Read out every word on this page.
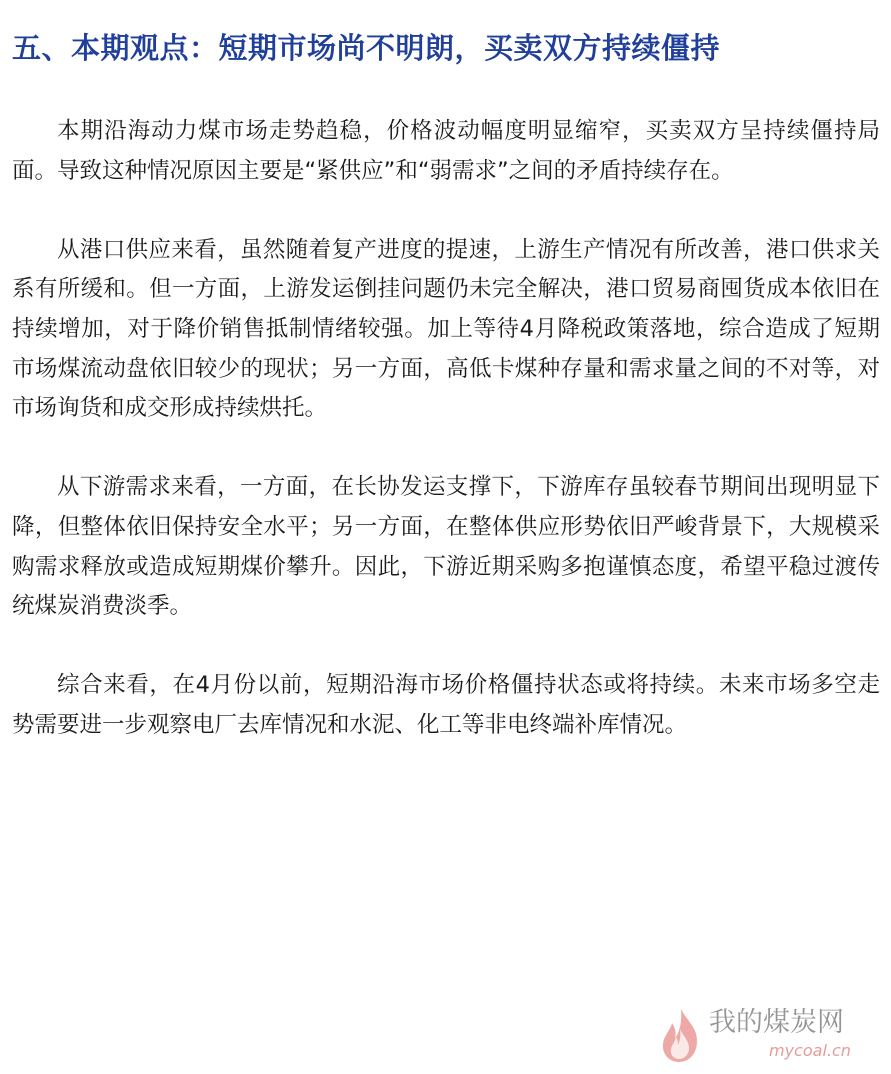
五、本期观点：短期市场尚不明朗，买卖双方持续僵持

本期沿海动力煤市场走势趋稳，价格波动幅度明显缩窄，买卖双方呈持续僵持局面。导致这种情况原因主要是“紧供应”和“弱需求”之间的矛盾持续存在。

从港口供应来看，虽然随着复产进度的提速，上游生产情况有所改善，港口供求关系有所缓和。但一方面，上游发运倒挂问题仍未完全解决，港口贸易商囤货成本依旧在持续增加，对于降价销售抵制情绪较强。加上等待4月降税政策落地，综合造成了短期市场煤流动盘依旧较少的现状；另一方面，高低卡煤种存量和需求量之间的不对等，对市场询货和成交形成持续烘托。

从下游需求来看，一方面，在长协发运支撑下，下游库存虽较春节期间出现明显下降，但整体依旧保持安全水平；另一方面，在整体供应形势依旧严峻背景下，大规模采购需求释放或造成短期煤价攀升。因此，下游近期采购多抱谨慎态度，希望平稳过渡传统煤炭消费淡季。

综合来看，在4月份以前，短期沿海市场价格僵持状态或将持续。未来市场多空走势需要进一步观察电厂去库情况和水泥、化工等非电终端补库情况。

我的煤炭网
mycoal.cn
